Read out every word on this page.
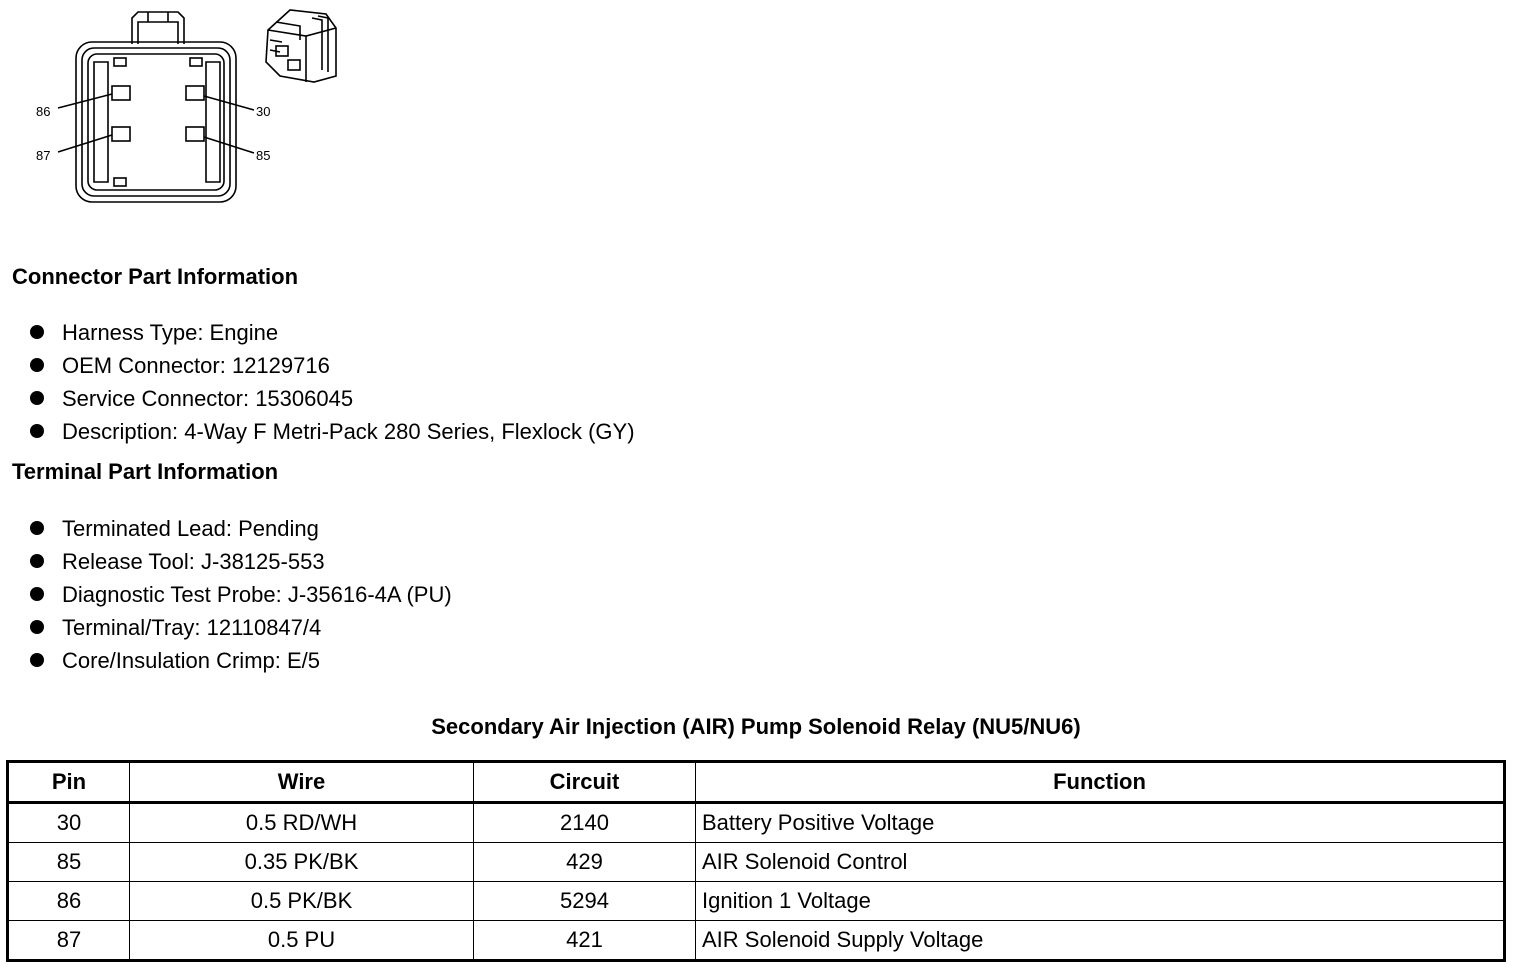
86	30
87	85
Connector Part Information
Harness Type: Engine
OEM Connector: 12129716
Service Connector: 15306045
Description: 4-Way F Metri-Pack 280 Series, Flexlock (GY)
Terminal Part Information
Terminated Lead: Pending
Release Tool: J-38125-553
Diagnostic Test Probe: J-35616-4A (PU)
Terminal/Tray: 12110847/4
Core/Insulation Crimp: E/5
Secondary Air Injection (AIR) Pump Solenoid Relay (NU5/NU6)
Pin	Wire	Circuit	Function
30	0.5 RD/WH	2140	Battery Positive Voltage
85	0.35 PK/BK	429	AIR Solenoid Control
86	0.5 PK/BK	5294	Ignition 1 Voltage
87	0.5 PU	421	AIR Solenoid Supply Voltage
